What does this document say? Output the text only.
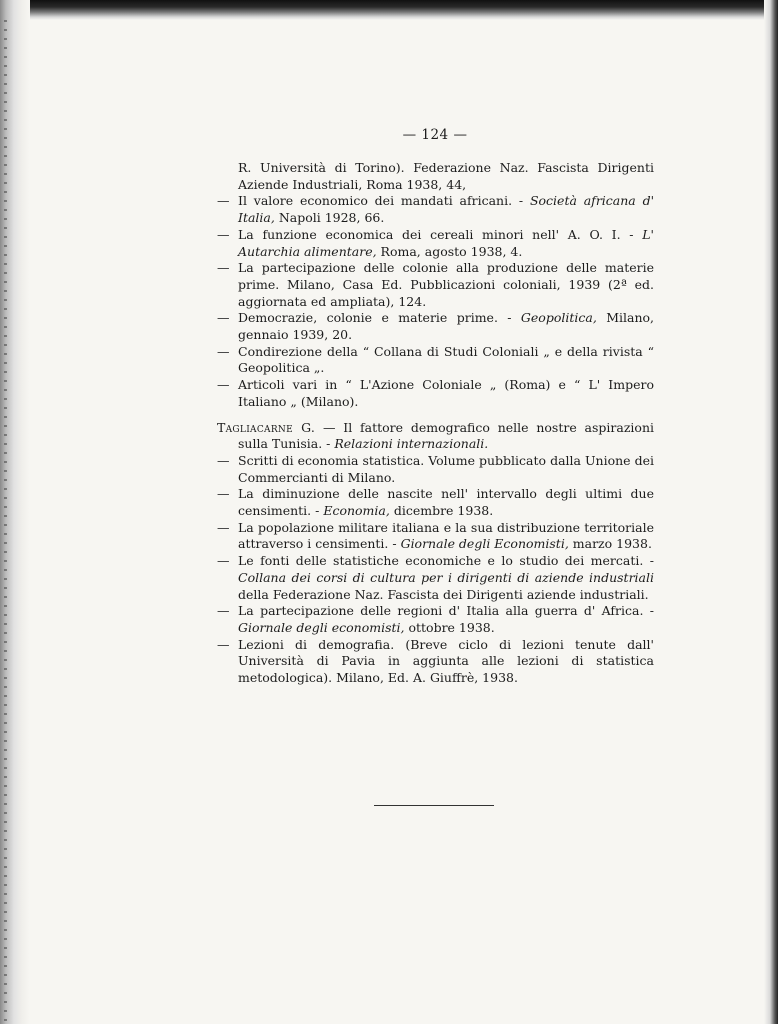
— 124 —
R. Università di Torino). Federazione Naz. Fascista Dirigenti Aziende Industriali, Roma 1938, 44,
— Il valore economico dei mandati africani. - Società africana d' Italia, Napoli 1928, 66.
— La funzione economica dei cereali minori nell' A. O. I. - L' Autarchia alimentare, Roma, agosto 1938, 4.
— La partecipazione delle colonie alla produzione delle materie prime. Milano, Casa Ed. Pubblicazioni coloniali, 1939 (2ª ed. aggiornata ed ampliata), 124.
— Democrazie, colonie e materie prime. - Geopolitica, Milano, gennaio 1939, 20.
— Condirezione della “ Collana di Studi Coloniali „ e della rivista “ Geopolitica „.
— Articoli vari in “ L'Azione Coloniale „ (Roma) e “ L' Impero Italiano „ (Milano).
Tagliacarne G. — Il fattore demografico nelle nostre aspirazioni sulla Tunisia. - Relazioni internazionali.
— Scritti di economia statistica. Volume pubblicato dalla Unione dei Commercianti di Milano.
— La diminuzione delle nascite nell' intervallo degli ultimi due censimenti. - Economia, dicembre 1938.
— La popolazione militare italiana e la sua distribuzione territoriale attraverso i censimenti. - Giornale degli Economisti, marzo 1938.
— Le fonti delle statistiche economiche e lo studio dei mercati. - Collana dei corsi di cultura per i dirigenti di aziende industriali della Federazione Naz. Fascista dei Dirigenti aziende industriali.
— La partecipazione delle regioni d' Italia alla guerra d' Africa. - Giornale degli economisti, ottobre 1938.
— Lezioni di demografia. (Breve ciclo di lezioni tenute dall' Università di Pavia in aggiunta alle lezioni di statistica metodologica). Milano, Ed. A. Giuffrè, 1938.
